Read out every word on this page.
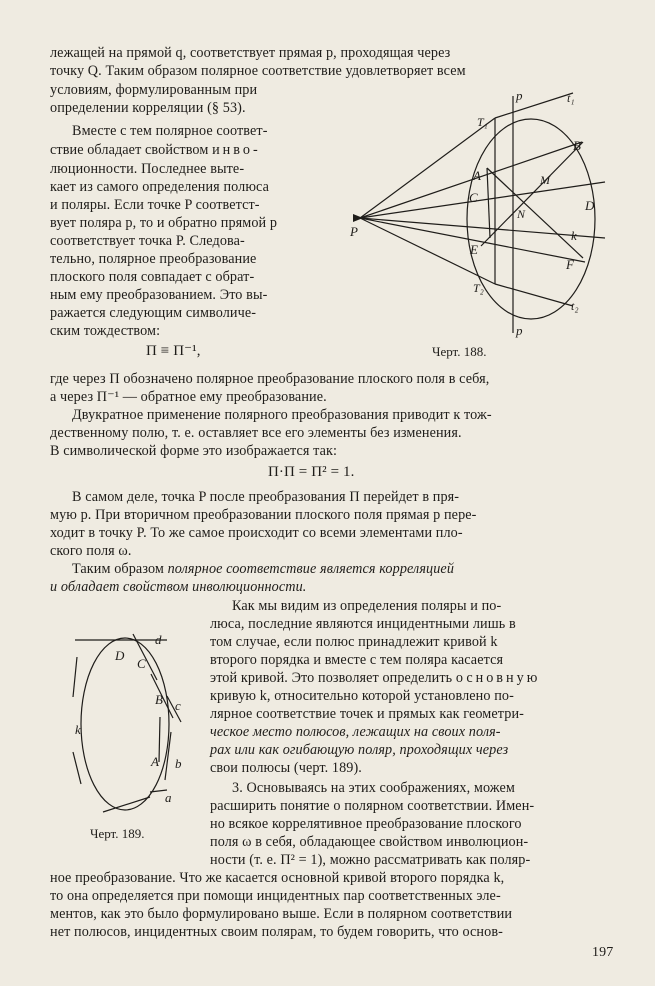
лежащей на прямой q, соответствует прямая p, проходящая через
точку Q. Таким образом полярное соответствие удовлетворяет всем
условиям, формулированным при
определении корреляции (§ 53).
Вместе с тем полярное соответ-
ствие обладает свойством инво-
люционности. Последнее выте-
кает из самого определения полюса
и поляры. Если точке P соответст-
вует поляра p, то и обратно прямой p
соответствует точка P. Следова-
тельно, полярное преобразование
плоского поля совпадает с обрат-
ным ему преобразованием. Это вы-
ражается следующим символиче-
ским тождеством:
Π ≡ Π⁻¹,
p	t₁
T₁
B
A	M
C
D
N
P	k
E
F
T₂
t₂
p
Черт. 188.
где через Π обозначено полярное преобразование плоского поля в себя,
а через Π⁻¹ — обратное ему преобразование.
Двукратное применение полярного преобразования приводит к тож-
дественному полю, т. е. оставляет все его элементы без изменения.
В символической форме это изображается так:
Π·Π = Π² = 1.
В самом деле, точка P после преобразования Π перейдет в пря-
мую p. При вторичном преобразовании плоского поля прямая p пере-
ходит в точку P. То же самое происходит со всеми элементами пло-
ского поля ω.
Таким образом полярное соответствие является корреляцией
и обладает свойством инволюционности.
d
D
C
B c
k
A b
a
Черт. 189.
Как мы видим из определения поляры и по-
люса, последние являются инцидентными лишь в
том случае, если полюс принадлежит кривой k
второго порядка и вместе с тем поляра касается
этой кривой. Это позволяет определить основную
кривую k, относительно которой установлено по-
лярное соответствие точек и прямых как геометри-
ческое место полюсов, лежащих на своих поля-
рах или как огибающую поляр, проходящих через
свои полюсы (черт. 189).
3. Основываясь на этих соображениях, можем
расширить понятие о полярном соответствии. Имен-
но всякое коррелятивное преобразование плоского
поля ω в себя, обладающее свойством инволюцион-
ности (т. е. Π² = 1), можно рассматривать как поляр-
ное преобразование. Что же касается основной кривой второго порядка k,
то она определяется при помощи инцидентных пар соответственных эле-
ментов, как это было формулировано выше. Если в полярном соответствии
нет полюсов, инцидентных своим полярам, то будем говорить, что основ-
197
